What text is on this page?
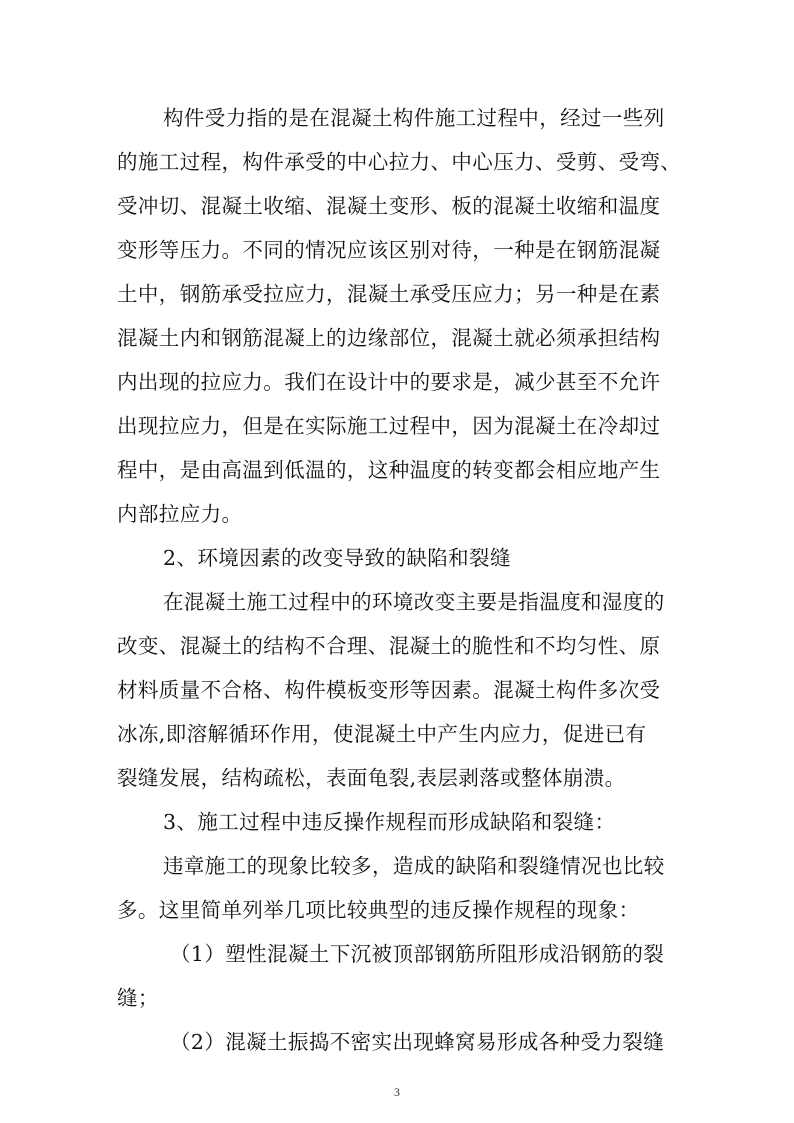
构件受力指的是在混凝土构件施工过程中，经过一些列
的施工过程，构件承受的中心拉力、中心压力、受剪、受弯、
受冲切、混凝土收缩、混凝土变形、板的混凝土收缩和温度
变形等压力。不同的情况应该区别对待，一种是在钢筋混凝
土中，钢筋承受拉应力，混凝土承受压应力；另一种是在素
混凝土内和钢筋混凝上的边缘部位，混凝土就必须承担结构
内出现的拉应力。我们在设计中的要求是，减少甚至不允许
出现拉应力，但是在实际施工过程中，因为混凝土在冷却过
程中，是由高温到低温的，这种温度的转变都会相应地产生
内部拉应力。
2、环境因素的改变导致的缺陷和裂缝
在混凝土施工过程中的环境改变主要是指温度和湿度的
改变、混凝土的结构不合理、混凝土的脆性和不均匀性、原
材料质量不合格、构件模板变形等因素。混凝土构件多次受
冰冻,即溶解循环作用，使混凝土中产生内应力，促进已有
裂缝发展，结构疏松，表面龟裂,表层剥落或整体崩溃。
3、施工过程中违反操作规程而形成缺陷和裂缝：
违章施工的现象比较多，造成的缺陷和裂缝情况也比较
多。这里简单列举几项比较典型的违反操作规程的现象：
（1）塑性混凝土下沉被顶部钢筋所阻形成沿钢筋的裂
缝；
（2）混凝土振捣不密实出现蜂窝易形成各种受力裂缝
3
